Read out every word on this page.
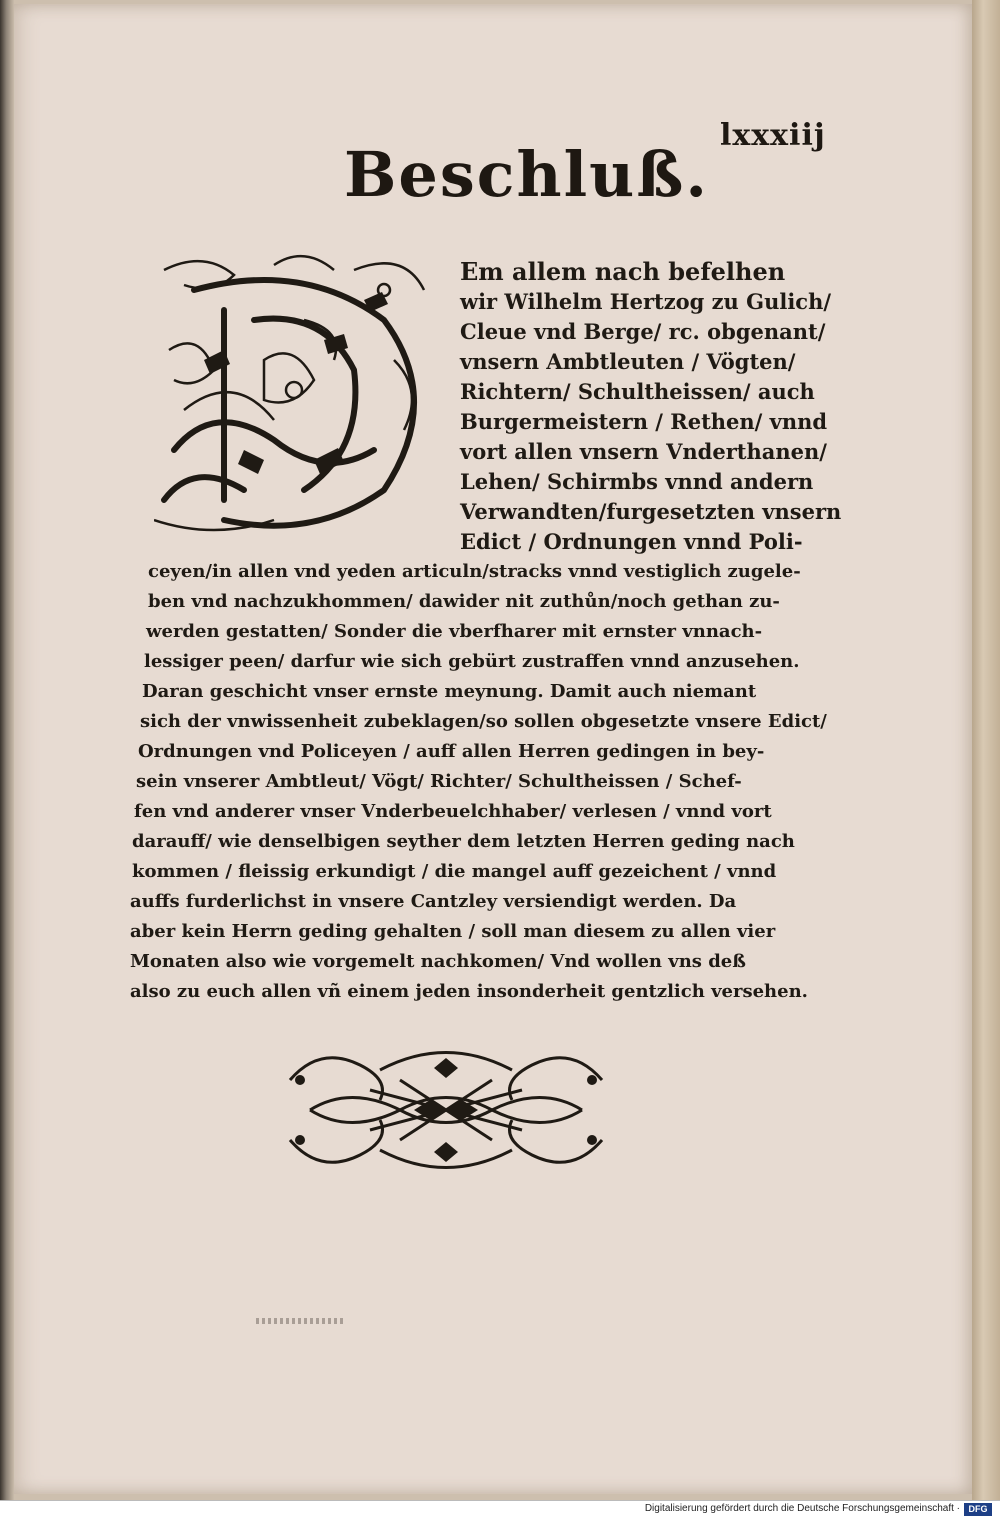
lxxxiij
Beschluß.
Em allem nach befelhen
wir Wilhelm Hertzog zu Gulich/
Cleue vnd Berge/ rc. obgenant/
vnsern Ambtleuten / Vögten/
Richtern/ Schultheissen/ auch
Burgermeistern / Rethen/ vnnd
vort allen vnsern Vnderthanen/
Lehen/ Schirmbs vnnd andern
Verwandten/furgesetzten vnsern
Edict / Ordnungen vnnd Poli-
ceyen/in allen vnd yeden articuln/stracks vnnd vestiglich zugele-
ben vnd nachzukhommen/ dawider nit zuthůn/noch gethan zu-
werden gestatten/ Sonder die vberfharer mit ernster vnnach-
lessiger peen/ darfur wie sich gebürt zustraffen vnnd anzusehen.
Daran geschicht vnser ernste meynung. Damit auch niemant
sich der vnwissenheit zubeklagen/so sollen obgesetzte vnsere Edict/
Ordnungen vnd Policeyen / auff allen Herren gedingen in bey-
sein vnserer Ambtleut/ Vögt/ Richter/ Schultheissen / Schef-
fen vnd anderer vnser Vnderbeuelchhaber/ verlesen / vnnd vort
darauff/ wie denselbigen seyther dem letzten Herren geding nach
kommen / fleissig erkundigt / die mangel auff gezeichent / vnnd
auffs furderlichst in vnsere Cantzley versiendigt werden. Da
aber kein Herrn geding gehalten / soll man diesem zu allen vier
Monaten also wie vorgemelt nachkomen/ Vnd wollen vns deß
also zu euch allen vñ einem jeden insonderheit gentzlich versehen.
Digitalisierung gefördert durch die Deutsche Forschungsgemeinschaft · DFG
